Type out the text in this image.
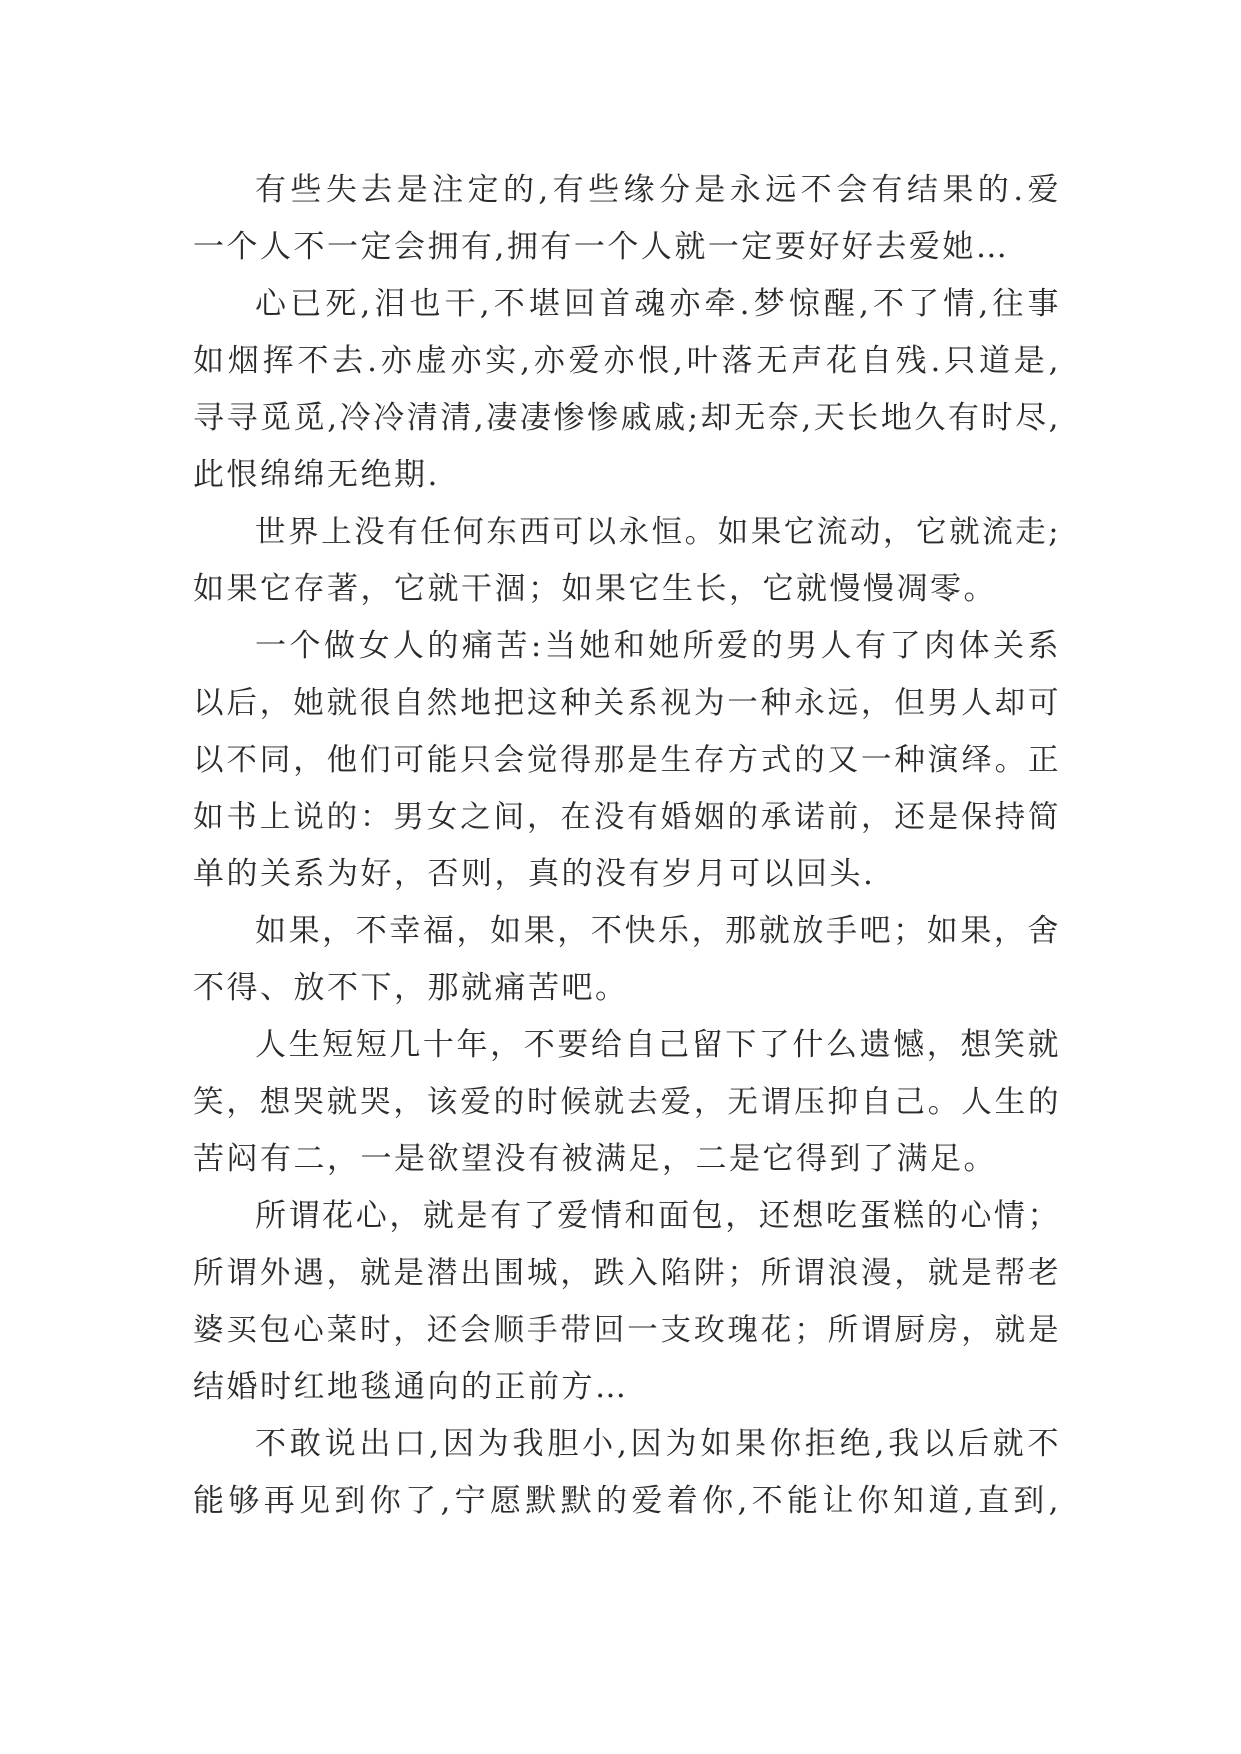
有些失去是注定的,有些缘分是永远不会有结果的.爱
一个人不一定会拥有,拥有一个人就一定要好好去爱她…

心已死,泪也干,不堪回首魂亦牵.梦惊醒,不了情,往事
如烟挥不去.亦虚亦实,亦爱亦恨,叶落无声花自残.只道是,
寻寻觅觅,冷冷清清,凄凄惨惨戚戚;却无奈,天长地久有时尽,
此恨绵绵无绝期.

世界上没有任何东西可以永恒。如果它流动，它就流走;
如果它存著，它就干涸；如果它生长，它就慢慢凋零。

一个做女人的痛苦:当她和她所爱的男人有了肉体关系
以后，她就很自然地把这种关系视为一种永远，但男人却可
以不同，他们可能只会觉得那是生存方式的又一种演绎。正
如书上说的：男女之间，在没有婚姻的承诺前，还是保持简
单的关系为好，否则，真的没有岁月可以回头.

如果，不幸福，如果，不快乐，那就放手吧；如果，舍
不得、放不下，那就痛苦吧。

人生短短几十年，不要给自己留下了什么遗憾，想笑就
笑，想哭就哭，该爱的时候就去爱，无谓压抑自己。人生的
苦闷有二，一是欲望没有被满足，二是它得到了满足。

所谓花心，就是有了爱情和面包，还想吃蛋糕的心情；
所谓外遇，就是潜出围城，跌入陷阱；所谓浪漫，就是帮老
婆买包心菜时，还会顺手带回一支玫瑰花；所谓厨房，就是
结婚时红地毯通向的正前方…

不敢说出口,因为我胆小,因为如果你拒绝,我以后就不
能够再见到你了,宁愿默默的爱着你,不能让你知道,直到,
